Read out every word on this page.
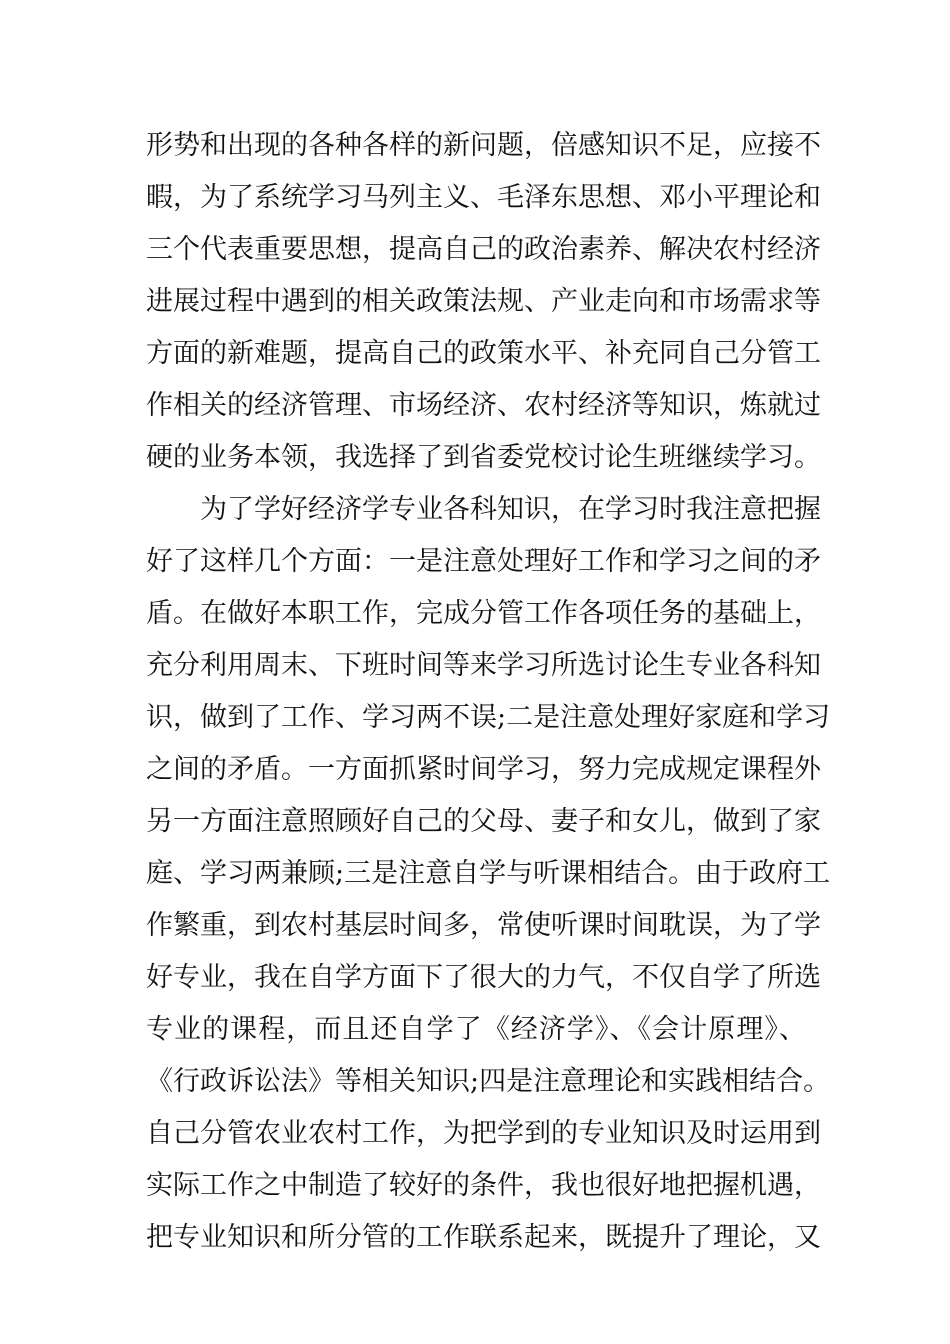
形势和出现的各种各样的新问题，倍感知识不足，应接不
暇，为了系统学习马列主义、毛泽东思想、邓小平理论和
三个代表重要思想，提高自己的政治素养、解决农村经济
进展过程中遇到的相关政策法规、产业走向和市场需求等
方面的新难题，提高自己的政策水平、补充同自己分管工
作相关的经济管理、市场经济、农村经济等知识，炼就过
硬的业务本领，我选择了到省委党校讨论生班继续学习。
为了学好经济学专业各科知识，在学习时我注意把握
好了这样几个方面：一是注意处理好工作和学习之间的矛
盾。在做好本职工作，完成分管工作各项任务的基础上，
充分利用周末、下班时间等来学习所选讨论生专业各科知
识，做到了工作、学习两不误;二是注意处理好家庭和学习
之间的矛盾。一方面抓紧时间学习，努力完成规定课程外
另一方面注意照顾好自己的父母、妻子和女儿，做到了家
庭、学习两兼顾;三是注意自学与听课相结合。由于政府工
作繁重，到农村基层时间多，常使听课时间耽误，为了学
好专业，我在自学方面下了很大的力气，不仅自学了所选
专业的课程，而且还自学了《经济学》、《会计原理》、
《行政诉讼法》等相关知识;四是注意理论和实践相结合。
自己分管农业农村工作，为把学到的专业知识及时运用到
实际工作之中制造了较好的条件，我也很好地把握机遇，
把专业知识和所分管的工作联系起来，既提升了理论，又
